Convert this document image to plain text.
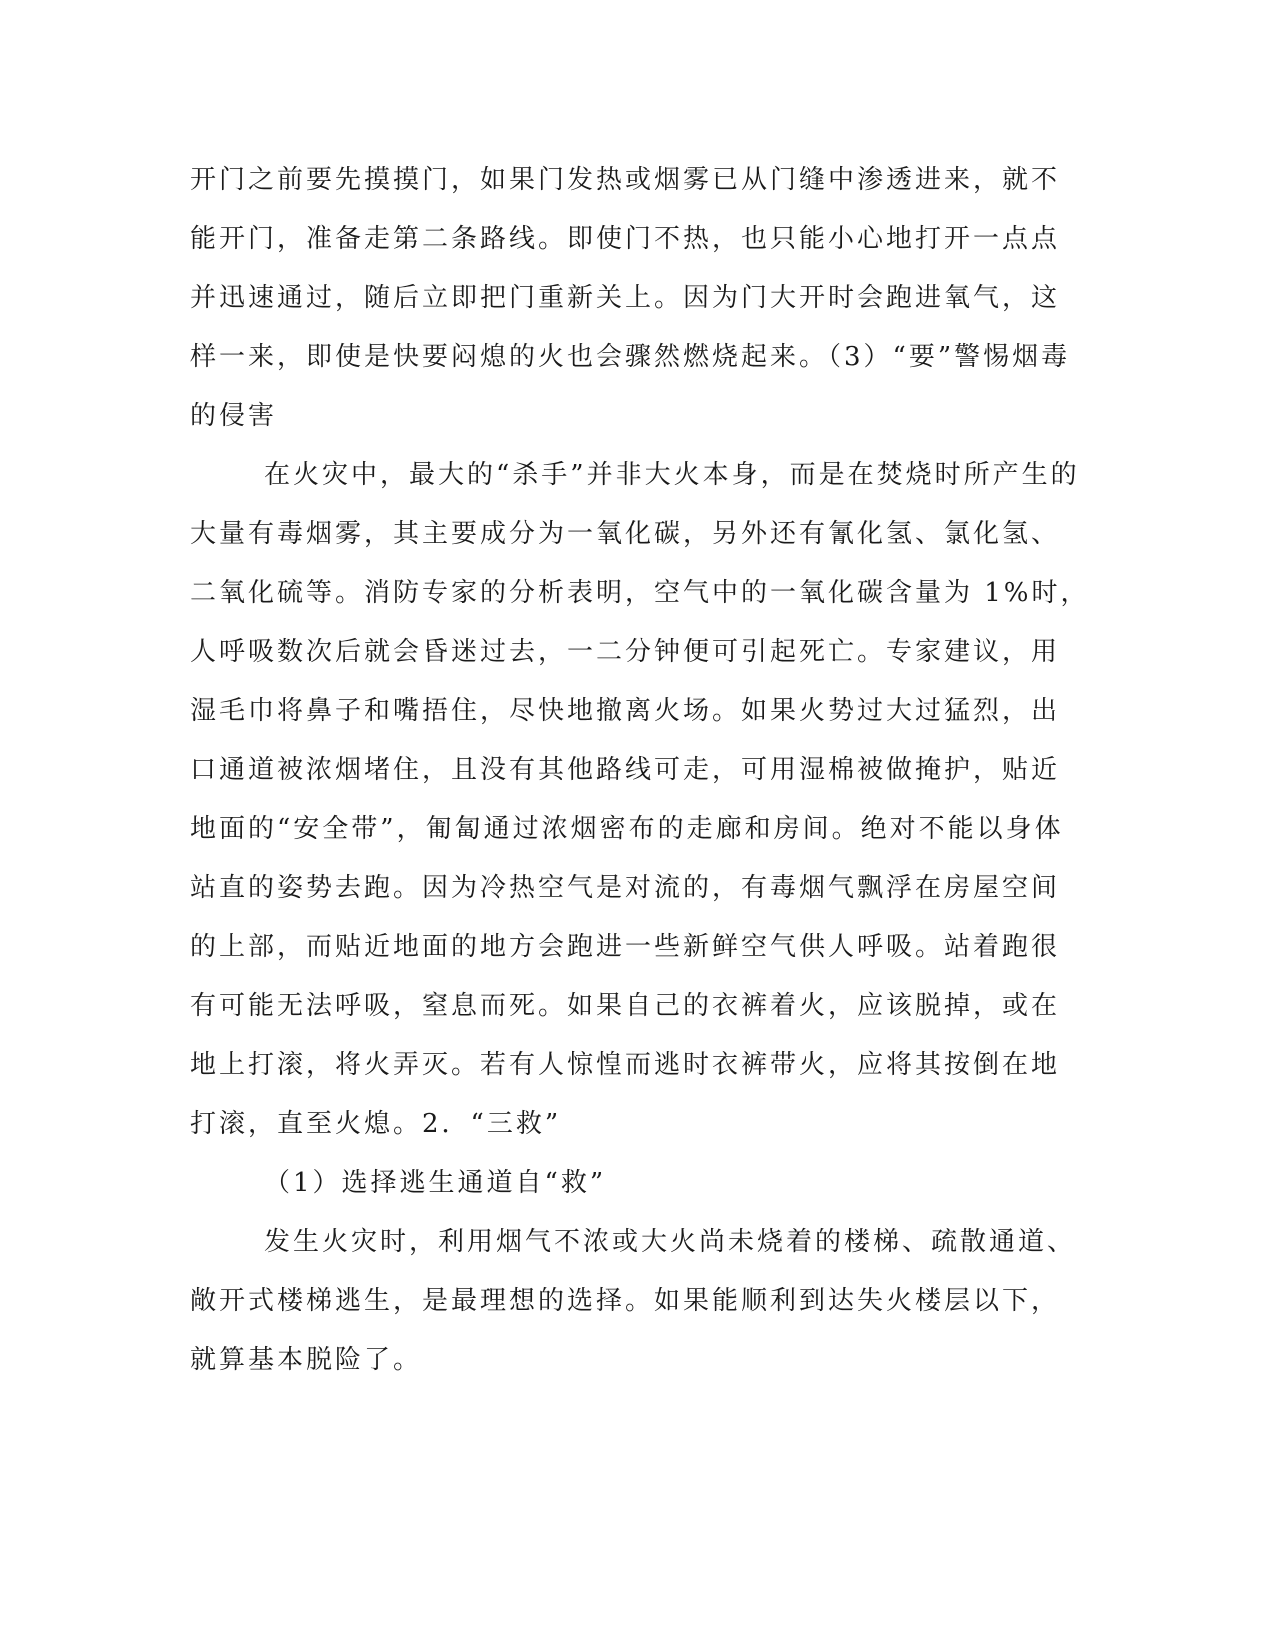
开门之前要先摸摸门，如果门发热或烟雾已从门缝中渗透进来，就不
能开门，准备走第二条路线。即使门不热，也只能小心地打开一点点
并迅速通过，随后立即把门重新关上。因为门大开时会跑进氧气，这
样一来，即使是快要闷熄的火也会骤然燃烧起来。（3）“要”警惕烟毒
的侵害
在火灾中，最大的“杀手”并非大火本身，而是在焚烧时所产生的
大量有毒烟雾，其主要成分为一氧化碳，另外还有氰化氢、氯化氢、
二氧化硫等。消防专家的分析表明，空气中的一氧化碳含量为 1%时，
人呼吸数次后就会昏迷过去，一二分钟便可引起死亡。专家建议，用
湿毛巾将鼻子和嘴捂住，尽快地撤离火场。如果火势过大过猛烈，出
口通道被浓烟堵住，且没有其他路线可走，可用湿棉被做掩护，贴近
地面的“安全带”，匍匐通过浓烟密布的走廊和房间。绝对不能以身体
站直的姿势去跑。因为冷热空气是对流的，有毒烟气飘浮在房屋空间
的上部，而贴近地面的地方会跑进一些新鲜空气供人呼吸。站着跑很
有可能无法呼吸，窒息而死。如果自己的衣裤着火，应该脱掉，或在
地上打滚，将火弄灭。若有人惊惶而逃时衣裤带火，应将其按倒在地
打滚，直至火熄。2．“三救”
（1）选择逃生通道自“救”
发生火灾时，利用烟气不浓或大火尚未烧着的楼梯、疏散通道、
敞开式楼梯逃生，是最理想的选择。如果能顺利到达失火楼层以下，
就算基本脱险了。
